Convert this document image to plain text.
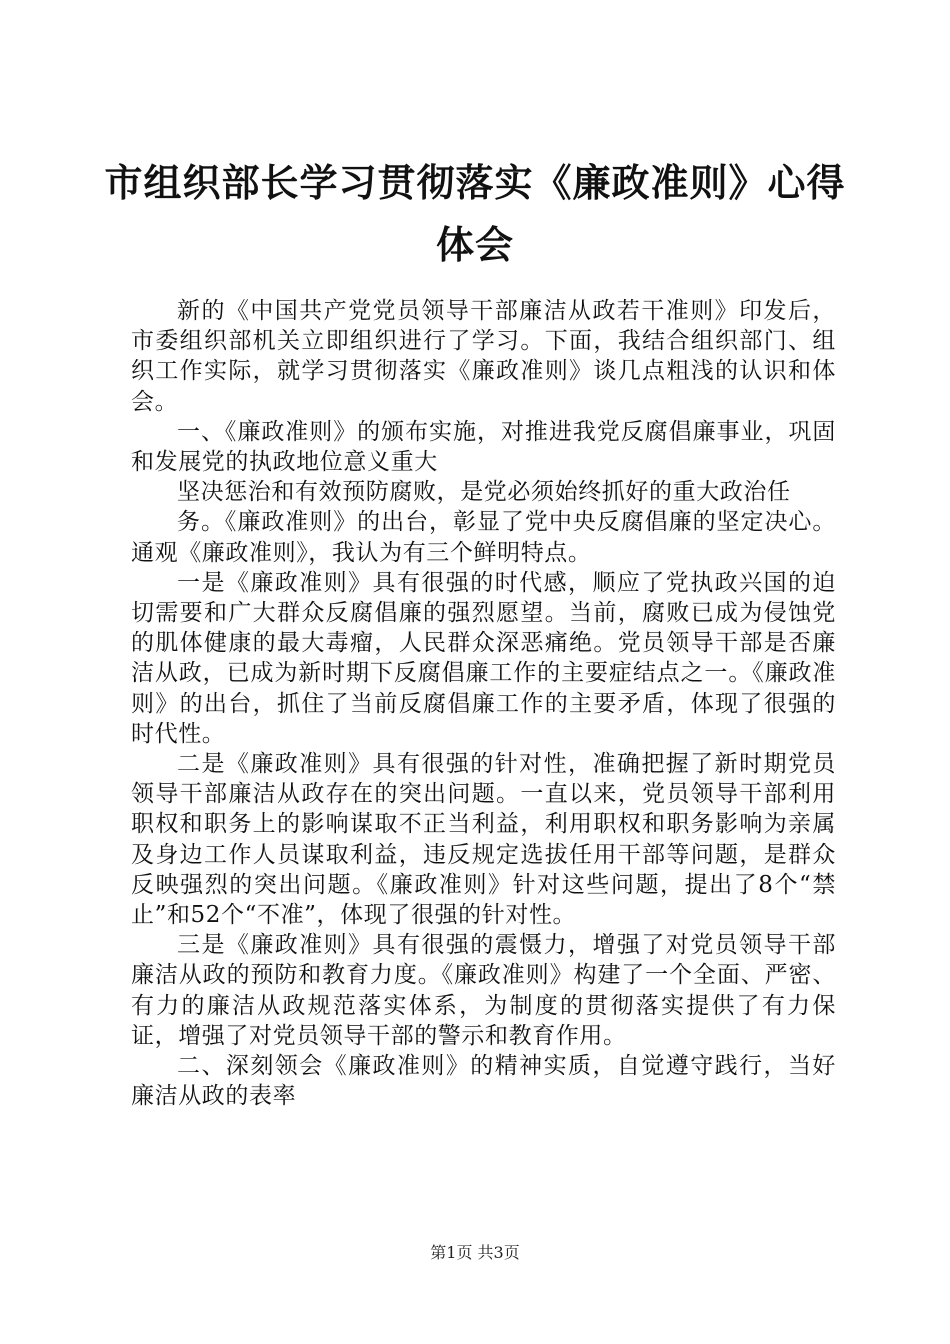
市组织部长学习贯彻落实《廉政准则》心得体会

新的《中国共产党党员领导干部廉洁从政若干准则》印发后，市委组织部机关立即组织进行了学习。下面，我结合组织部门、组织工作实际，就学习贯彻落实《廉政准则》谈几点粗浅的认识和体会。

一、《廉政准则》的颁布实施，对推进我党反腐倡廉事业，巩固和发展党的执政地位意义重大

坚决惩治和有效预防腐败，是党必须始终抓好的重大政治任

务。《廉政准则》的出台，彰显了党中央反腐倡廉的坚定决心。通观《廉政准则》，我认为有三个鲜明特点。

一是《廉政准则》具有很强的时代感，顺应了党执政兴国的迫切需要和广大群众反腐倡廉的强烈愿望。当前，腐败已成为侵蚀党的肌体健康的最大毒瘤，人民群众深恶痛绝。党员领导干部是否廉洁从政，已成为新时期下反腐倡廉工作的主要症结点之一。《廉政准则》的出台，抓住了当前反腐倡廉工作的主要矛盾，体现了很强的时代性。

二是《廉政准则》具有很强的针对性，准确把握了新时期党员领导干部廉洁从政存在的突出问题。一直以来，党员领导干部利用职权和职务上的影响谋取不正当利益，利用职权和职务影响为亲属及身边工作人员谋取利益，违反规定选拔任用干部等问题，是群众反映强烈的突出问题。《廉政准则》针对这些问题，提出了8个“禁止”和52个“不准”，体现了很强的针对性。

三是《廉政准则》具有很强的震慑力，增强了对党员领导干部廉洁从政的预防和教育力度。《廉政准则》构建了一个全面、严密、有力的廉洁从政规范落实体系，为制度的贯彻落实提供了有力保证，增强了对党员领导干部的警示和教育作用。

二、深刻领会《廉政准则》的精神实质，自觉遵守践行，当好廉洁从政的表率

第1页 共3页
